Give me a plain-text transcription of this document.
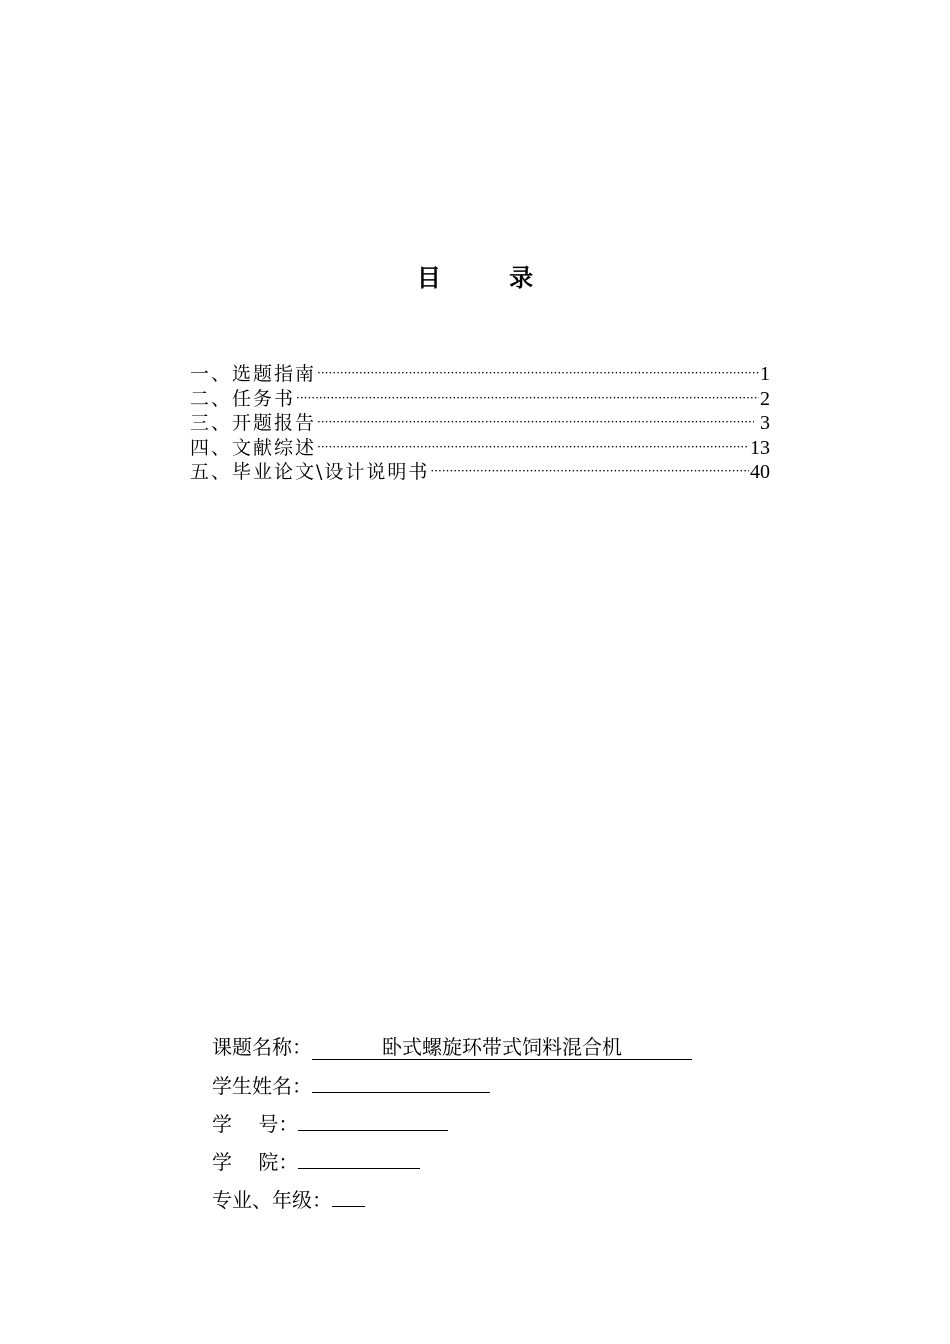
目 录
一、选题指南 ·····	1
二、任务书 ·····	2
三、开题报告 ·····	3
四、文献综述 ·····	13
五、毕业论文\设计说明书 ·····	40
课题名称：	卧式螺旋环带式饲料混合机
学生姓名：
学　 号：
学　 院：
专业、年级：
